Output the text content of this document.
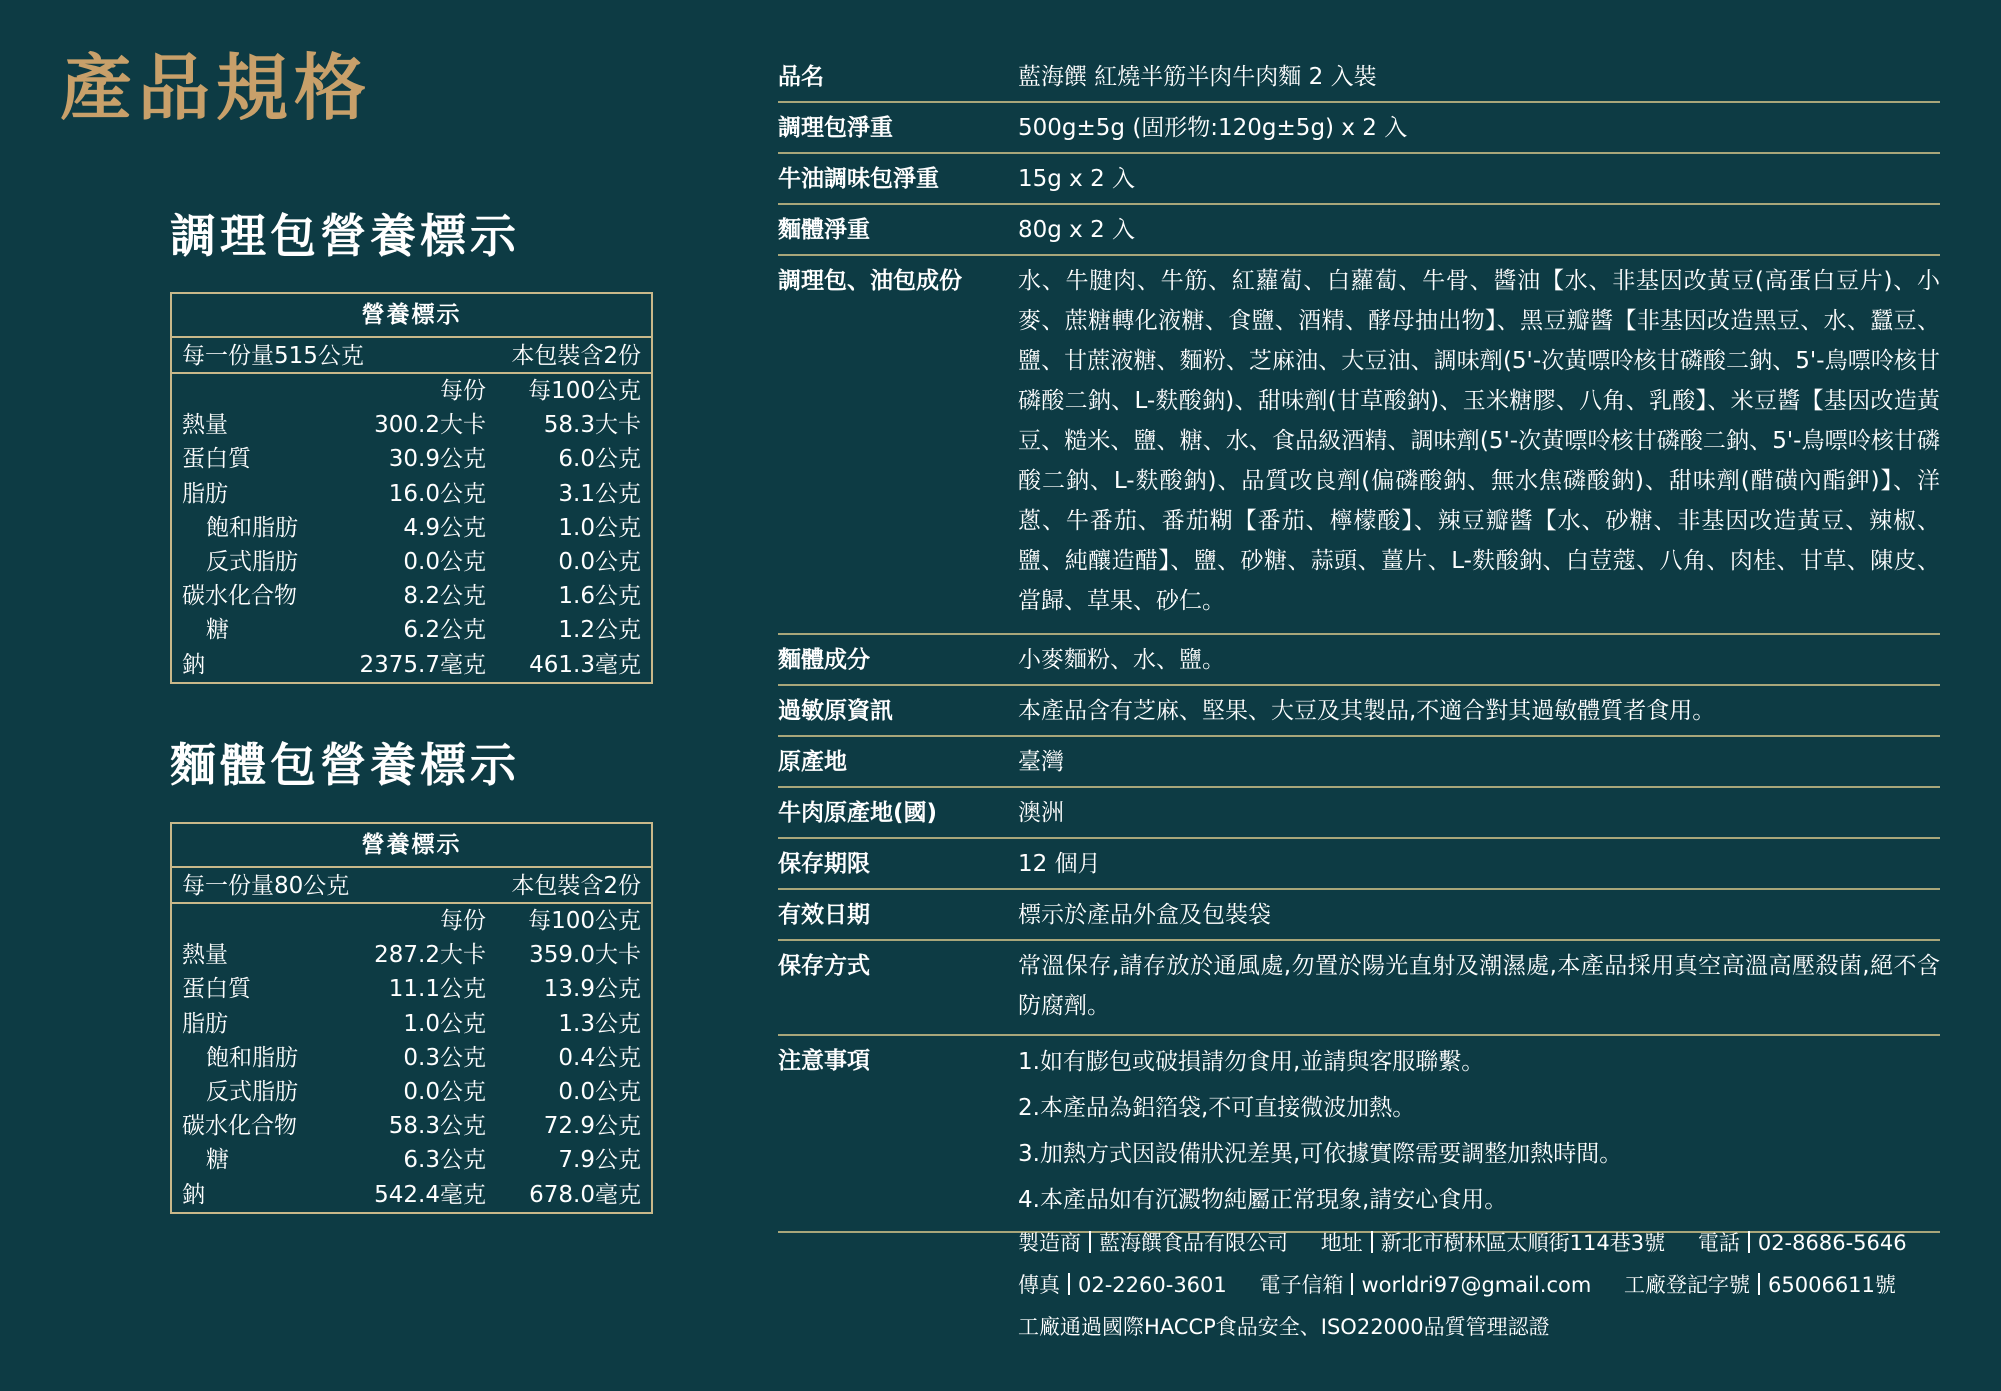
產品規格
調理包營養標示
營養標示
每一份量515公克	本包裝含2份
每份	每100公克
熱量	300.2大卡	58.3大卡
蛋白質	30.9公克	6.0公克
脂肪	16.0公克	3.1公克
飽和脂肪	4.9公克	1.0公克
反式脂肪	0.0公克	0.0公克
碳水化合物	8.2公克	1.6公克
糖	6.2公克	1.2公克
鈉	2375.7毫克	461.3毫克
麵體包營養標示
營養標示
每一份量80公克	本包裝含2份
每份	每100公克
熱量	287.2大卡	359.0大卡
蛋白質	11.1公克	13.9公克
脂肪	1.0公克	1.3公克
飽和脂肪	0.3公克	0.4公克
反式脂肪	0.0公克	0.0公克
碳水化合物	58.3公克	72.9公克
糖	6.3公克	7.9公克
鈉	542.4毫克	678.0毫克
品名	藍海饌 紅燒半筋半肉牛肉麵 2 入裝
調理包淨重	500g±5g (固形物:120g±5g) x 2 入
牛油調味包淨重	15g x 2 入
麵體淨重	80g x 2 入
調理包、油包成份	水、牛腱肉、牛筋、紅蘿蔔、白蘿蔔、牛骨、醬油【水、非基因改黃豆(高蛋白豆片)、小麥、蔗糖轉化液糖、食鹽、酒精、酵母抽出物】、黑豆瓣醬【非基因改造黑豆、水、蠶豆、鹽、甘蔗液糖、麵粉、芝麻油、大豆油、調味劑(5'-次黃嘌呤核甘磷酸二鈉、5'-鳥嘌呤核甘磷酸二鈉、L-麩酸鈉)、甜味劑(甘草酸鈉)、玉米糖膠、八角、乳酸】、米豆醬【基因改造黃豆、糙米、鹽、糖、水、食品級酒精、調味劑(5'-次黃嘌呤核甘磷酸二鈉、5'-鳥嘌呤核甘磷酸二鈉、L-麩酸鈉)、品質改良劑(偏磷酸鈉、無水焦磷酸鈉)、甜味劑(醋磺內酯鉀)】、洋蔥、牛番茄、番茄糊【番茄、檸檬酸】、辣豆瓣醬【水、砂糖、非基因改造黃豆、辣椒、鹽、純釀造醋】、鹽、砂糖、蒜頭、薑片、L-麩酸鈉、白荳蔻、八角、肉桂、甘草、陳皮、當歸、草果、砂仁。
麵體成分	小麥麵粉、水、鹽。
過敏原資訊	本產品含有芝麻、堅果、大豆及其製品,不適合對其過敏體質者食用。
原產地	臺灣
牛肉原產地(國)	澳洲
保存期限	12 個月
有效日期	標示於產品外盒及包裝袋
保存方式	常溫保存,請存放於通風處,勿置於陽光直射及潮濕處,本產品採用真空高溫高壓殺菌,絕不含防腐劑。
注意事項	1.如有膨包或破損請勿食用,並請與客服聯繫。
2.本產品為鋁箔袋,不可直接微波加熱。
3.加熱方式因設備狀況差異,可依據實際需要調整加熱時間。
4.本產品如有沉澱物純屬正常現象,請安心食用。
製造商 藍海饌食品有限公司 地址 新北市樹林區太順街114巷3號 電話 02-8686-5646
傳真 02-2260-3601 電子信箱 worldri97@gmail.com 工廠登記字號 65006611號
工廠通過國際HACCP食品安全、ISO22000品質管理認證
